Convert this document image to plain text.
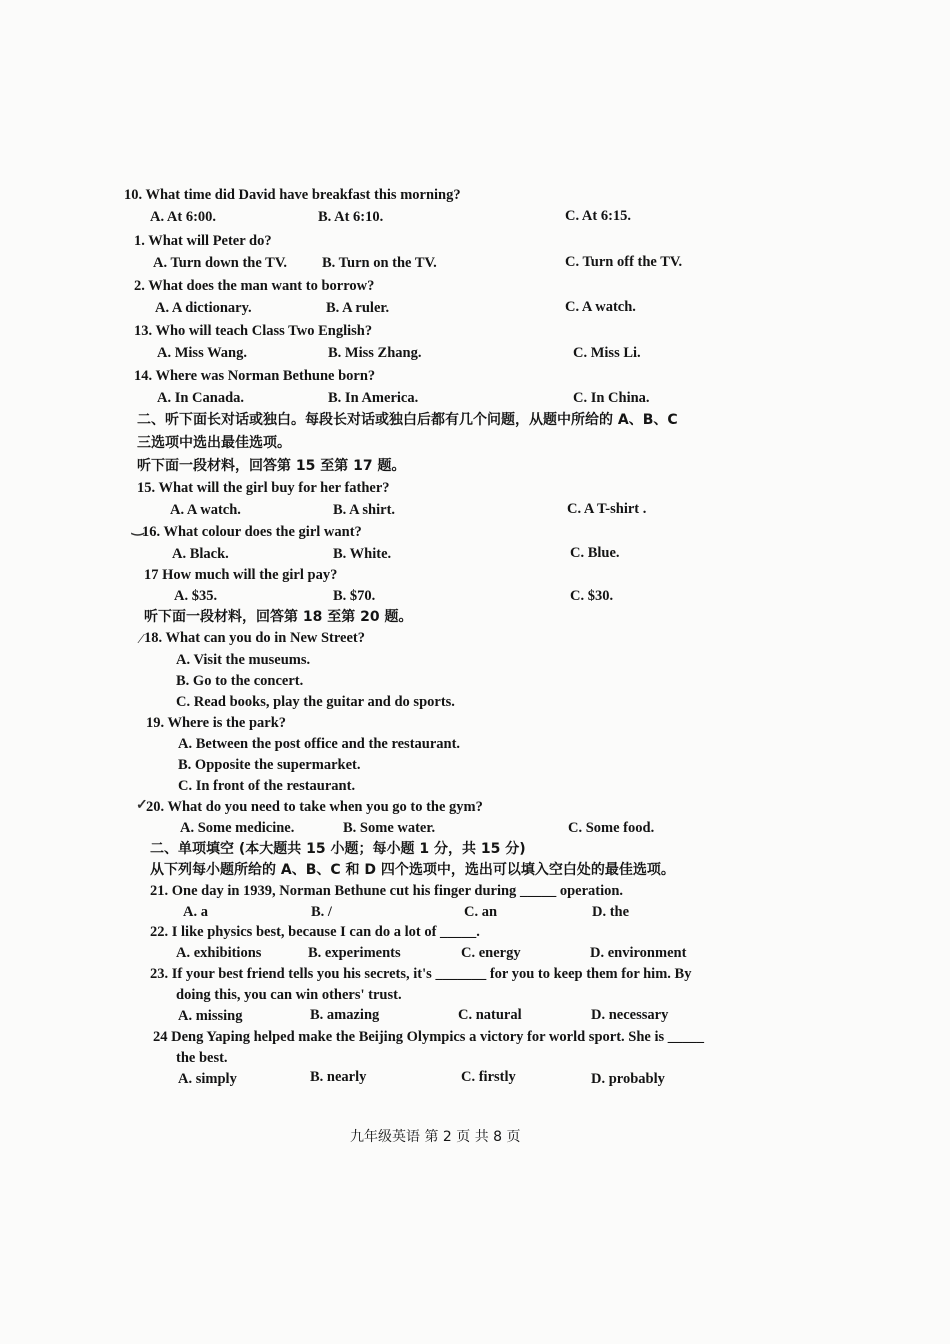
10. What time did David have breakfast this morning?
A. At 6:00.	B. At 6:10.	C. At 6:15.
1. What will Peter do?
A. Turn down the TV. B. Turn on the TV.	C. Turn off the TV.
2. What does the man want to borrow?
A. A dictionary.	B. A ruler.	C. A watch.
13. Who will teach Class Two English?
A. Miss Wang.	B. Miss Zhang.	C. Miss Li.
14. Where was Norman Bethune born?
A. In Canada.	B. In America.	C. In China.
二、听下面长对话或独白。每段长对话或独白后都有几个问题，从题中所给的 A、B、C
三选项中选出最佳选项。
听下面一段材料，回答第 15 至第 17 题。
15. What will the girl buy for her father?
A. A watch.	B. A shirt.	C. A T-shirt .
16. What colour does the girl want?
A. Black.	B. White.	C. Blue.
17 How much will the girl pay?
A. $35.	B. $70.	C. $30.
听下面一段材料，回答第 18 至第 20 题。
18. What can you do in New Street?
A. Visit the museums.
B. Go to the concert.
C. Read books, play the guitar and do sports.
19. Where is the park?
A. Between the post office and the restaurant.
B. Opposite the supermarket.
C. In front of the restaurant.
20. What do you need to take when you go to the gym?
A. Some medicine.	B. Some water.	C. Some food.
二、单项填空 (本大题共 15 小题；每小题 1 分，共 15 分)
从下列每小题所给的 A、B、C 和 D 四个选项中，选出可以填入空白处的最佳选项。
21. One day in 1939, Norman Bethune cut his finger during _____ operation.
A. a	B. /	C. an	D. the
22. I like physics best, because I can do a lot of _____.
A. exhibitions	B. experiments	C. energy	D. environment
23. If your best friend tells you his secrets, it's _______ for you to keep them for him. By
doing this, you can win others' trust.
A. missing	B. amazing	C. natural	D. necessary
24 Deng Yaping helped make the Beijing Olympics a victory for world sport. She is _____
the best.
A. simply	B. nearly	C. firstly	D. probably
‿
⁄
✓
九年级英语 第 2 页 共 8 页
